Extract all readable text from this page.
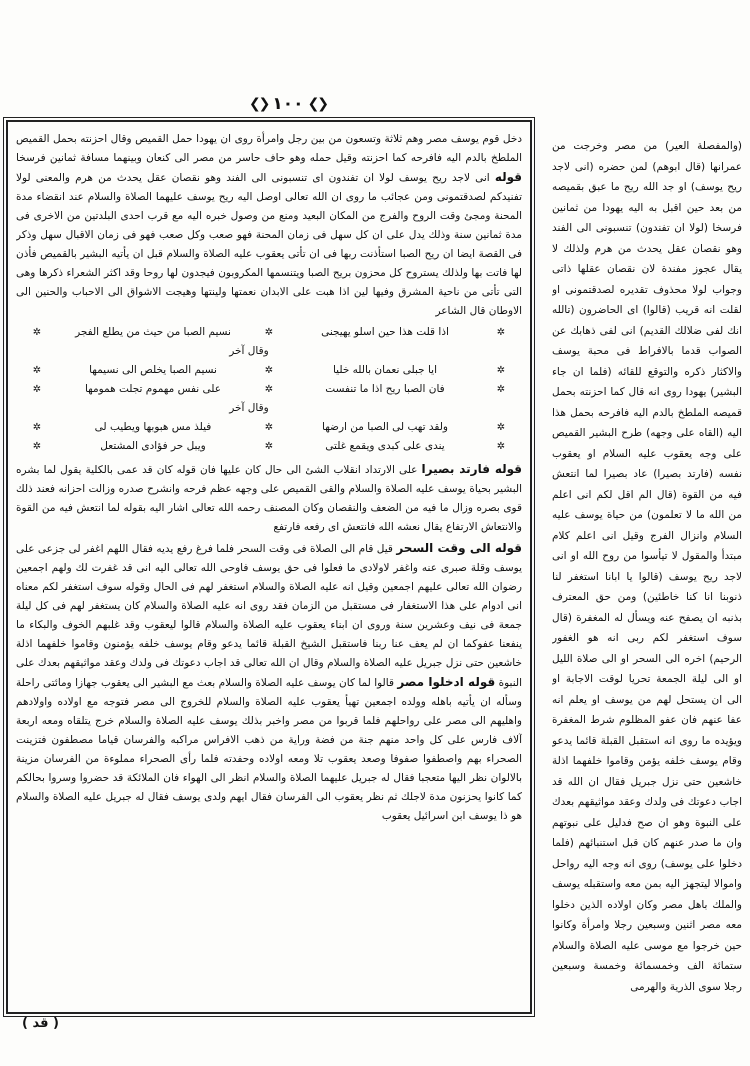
❮❯ ١٠٠ ❮❯

دخل قوم يوسف مصر وهم ثلاثة وتسعون من بين رجل وامرأة روى ان يهودا حمل القميص وقال احزنته بحمل القميص الملطخ بالدم اليه فافرحه كما احزنته وقيل حمله وهو حاف حاسر من مصر الى كنعان وبينهما مسافة ثمانين فرسخا قوله انى لاجد ريح يوسف لولا ان تفندون اى تنسبونى الى الفند وهو نقصان عقل يحدث من هرم والمعنى لولا تفنيدكم لصدقتمونى ومن عجائب ما روى ان الله تعالى اوصل اليه ريح يوسف عليهما الصلاة والسلام عند انقضاء مدة المحنة ومجئ وقت الروح والفرج من المكان البعيد ومنع من وصول خبره اليه مع قرب احدى البلدتين من الاخرى فى مدة ثمانين سنة وذلك يدل على ان كل سهل فى زمان المحنة فهو صعب وكل صعب فهو فى زمان الاقبال سهل وذكر فى القصة ايضا ان ريح الصبا استأذنت ربها فى ان تأتى يعقوب عليه الصلاة والسلام قبل ان يأتيه البشير بالقميص فأذن لها فاتت بها ولذلك يستروح كل محزون بريح الصبا ويتنسمها المكروبون فيجدون لها روحا وقد اكثر الشعراء ذكرها وهى التى تأتى من ناحية المشرق وفيها لين اذا هبت على الابدان نعمتها ولينتها وهيجت الاشواق الى الاحباب والحنين الى الاوطان قال الشاعر

✲
اذا قلت هذا حين اسلو يهيجنى
✲
نسيم الصبا من حيث من يطلع الفجر
✲
وقال آخر
✲
ايا جبلى نعمان بالله خليا
✲
نسيم الصبا يخلص الى نسيمها
✲
✲
فان الصبا ريح اذا ما تنفست
✲
على نفس مهموم تجلت همومها
✲
وقال آخر
✲
ولقد تهب لى الصبا من ارضها
✲
فيلذ مس هبوبها ويطيب لى
✲
✲
يندى على كبدى ويقمع غلتى
✲
ويبل حر فؤادى المشتعل
✲

قوله فارتد بصيرا على الارتداد انقلاب الشئ الى حال كان عليها فان قوله كان قد عمى بالكلية يقول لما بشره البشير بحياة يوسف عليه الصلاة والسلام والقى القميص على وجهه عظم فرحه وانشرح صدره وزالت احزانه فعند ذلك قوى بصره وزال ما فيه من الضعف والنقصان وكان المصنف رحمه الله تعالى اشار اليه بقوله لما انتعش فيه من القوة والانتعاش الارتفاع يقال نعشه الله فانتعش اى رفعه فارتفع

قوله الى وقت السحر قيل قام الى الصلاة فى وقت السحر فلما فرغ رفع يديه فقال اللهم اغفر لى جزعى على يوسف وقلة صبرى عنه واغفر لاولادى ما فعلوا فى حق يوسف فاوحى الله تعالى اليه انى قد غفرت لك ولهم اجمعين رضوان الله تعالى عليهم اجمعين وقيل انه عليه الصلاة والسلام استغفر لهم فى الحال وقوله سوف استغفر لكم معناه انى ادوام على هذا الاستغفار فى مستقبل من الزمان فقد روى انه عليه الصلاة والسلام كان يستغفر لهم فى كل ليلة جمعة فى نيف وعشرين سنة وروى ان ابناء يعقوب عليه الصلاة والسلام قالوا ليعقوب وقد غلبهم الخوف والبكاء ما ينفعنا عفوكما ان لم يعف عنا ربنا فاستقبل الشيخ القبلة قائما يدعو وقام يوسف خلفه يؤمنون وقاموا خلفهما اذلة خاشعين حتى نزل جبريل عليه الصلاة والسلام وقال ان الله تعالى قد اجاب دعوتك فى ولدك وعقد مواثيقهم بعدك على النبوة قوله ادخلوا مصر قالوا لما كان يوسف عليه الصلاة والسلام بعث مع البشير الى يعقوب جهازا ومائتى راحلة وسأله ان يأتيه باهله وولده اجمعين تهيأ يعقوب عليه الصلاة والسلام للخروج الى مصر فتوجه مع اولاده واولادهم واهليهم الى مصر على رواحلهم فلما قربوا من مصر واخبر بذلك يوسف عليه الصلاة والسلام خرج يتلقاه ومعه اربعة آلاف فارس على كل واحد منهم جنة من فضة وراية من ذهب الافراس مراكبه والفرسان قياما مصطفون فتزينت الصحراء بهم واصطفوا صفوفا وصعد يعقوب تلا ومعه اولاده وحفدته فلما رأى الصحراء مملوءة من الفرسان مزينة بالالوان نظر اليها متعجبا فقال له جبريل عليهما الصلاة والسلام انظر الى الهواء فان الملائكة قد حضروا وسروا بحالكم كما كانوا يحزنون مدة لاجلك ثم نظر يعقوب الى الفرسان فقال ايهم ولدى يوسف فقال له جبريل عليه الصلاة والسلام هو ذا يوسف ابن اسرائيل يعقوب

(والمفصلة العير) من مصر وخرجت من عمرانها (قال ابوهم) لمن حضره (انى لاجد ريح يوسف) او جد الله ريح ما عبق بقميصه من بعد حين اقبل به اليه يهودا من ثمانين فرسخا (لولا ان تفندون) تنسبونى الى الفند وهو نقصان عقل يحدث من هرم ولذلك لا يقال عجوز مفندة لان نقصان عقلها ذاتى وجواب لولا محذوف تقديره لصدقتمونى او لقلت انه قريب (قالوا) اى الحاضرون (تالله انك لفى ضلالك القديم) انى لفى ذهابك عن الصواب قدما بالافراط فى محبة يوسف والاكثار ذكره والتوقع للقائه (فلما ان جاء البشير) يهودا روى انه قال كما احزنته بحمل قميصه الملطخ بالدم اليه فافرحه بحمل هذا اليه (القاه على وجهه) طرح البشير القميص على وجه يعقوب عليه السلام او يعقوب نفسه (فارتد بصيرا) عاد بصيرا لما انتعش فيه من القوة (قال الم اقل لكم انى اعلم من الله ما لا تعلمون) من حياة يوسف عليه السلام وانزال الفرج وقيل انى اعلم كلام مبتدأ والمقول لا تيأسوا من روح الله او انى لاجد ريح يوسف (قالوا يا ابانا استغفر لنا ذنوبنا انا كنا خاطئين) ومن حق المعترف بذنبه ان يصفح عنه ويسأل له المغفرة (قال سوف استغفر لكم ربى انه هو الغفور الرحيم) اخره الى السحر او الى صلاة الليل او الى ليلة الجمعة تحريا لوقت الاجابة او الى ان يستحل لهم من يوسف او يعلم انه عفا عنهم فان عفو المظلوم شرط المغفرة ويؤيده ما روى انه استقبل القبلة قائما يدعو وقام يوسف خلفه يؤمن وقاموا خلفهما اذلة خاشعين حتى نزل جبريل فقال ان الله قد اجاب دعوتك فى ولدك وعقد مواثيقهم بعدك على النبوة وهو ان صح فدليل على نبوتهم وان ما صدر عنهم كان قبل استنبائهم (فلما دخلوا على يوسف) روى انه وجه اليه رواحل واموالا ليتجهز اليه بمن معه واستقبله يوسف والملك باهل مصر وكان اولاده الذين دخلوا معه مصر اثنين وسبعين رجلا وامرأة وكانوا حين خرجوا مع موسى عليه الصلاة والسلام ستمائة الف وخمسمائة وخمسة وسبعين رجلا سوى الذرية والهرمى
( قد )
